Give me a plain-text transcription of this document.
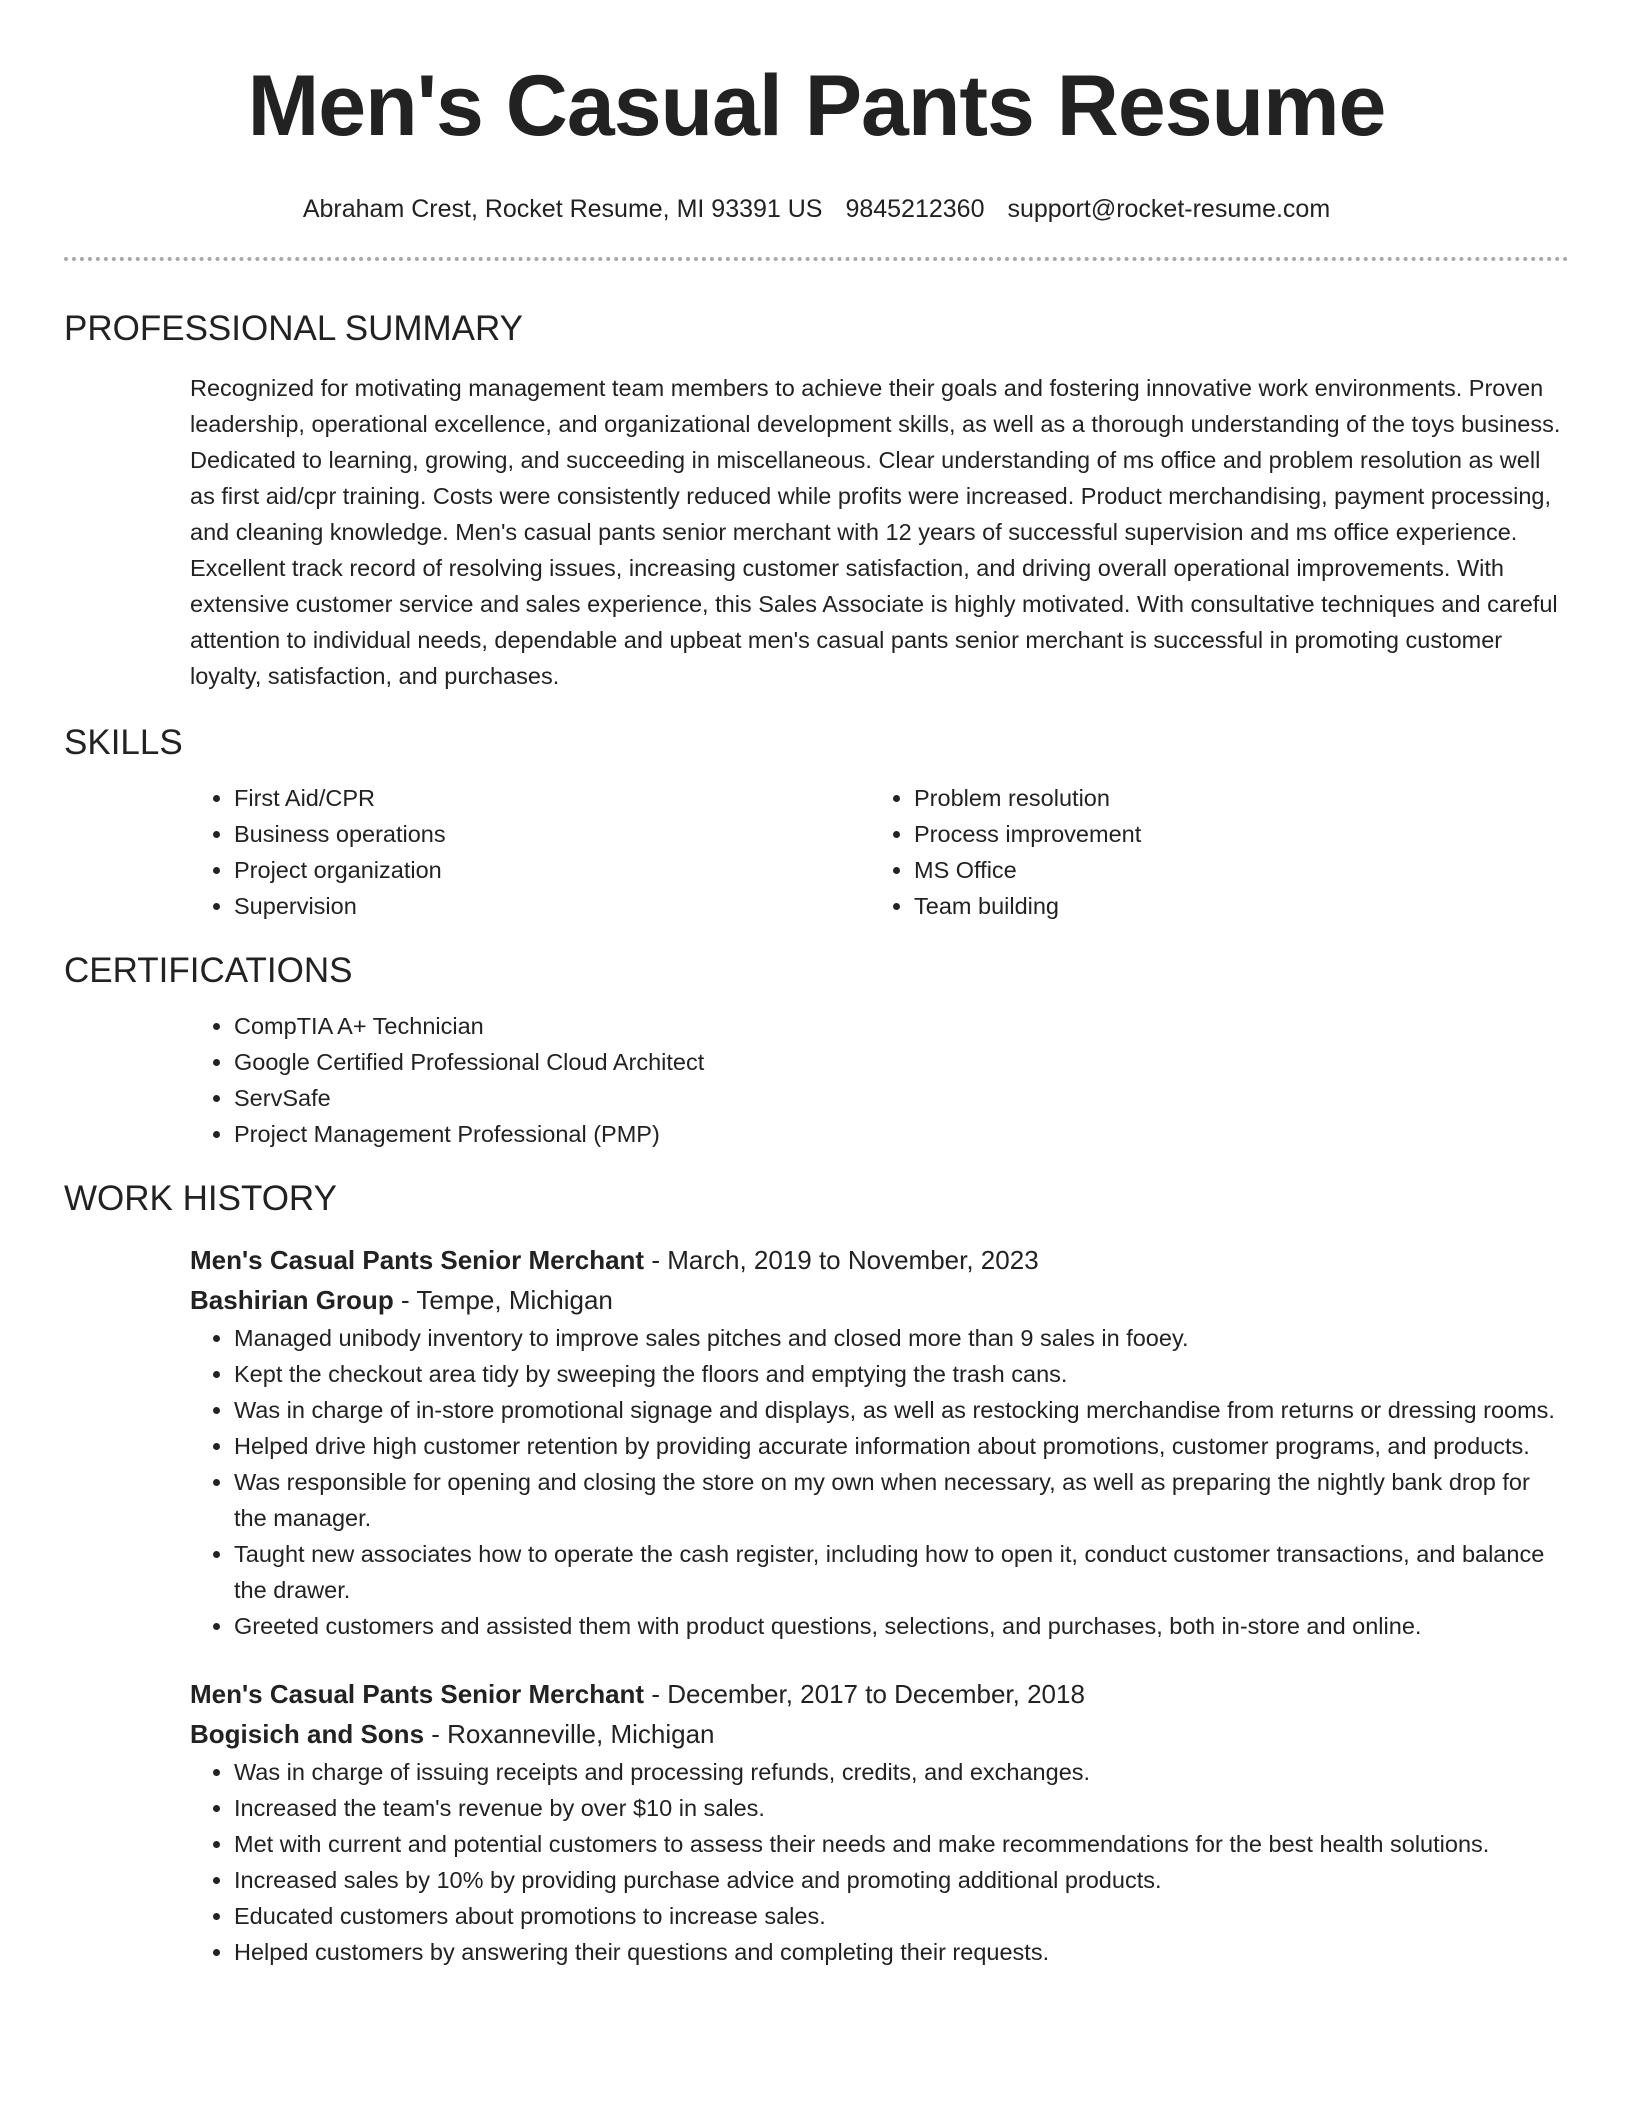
Men's Casual Pants Resume
Abraham Crest, Rocket Resume, MI 93391 US 9845212360 support@rocket-resume.com
PROFESSIONAL SUMMARY

Recognized for motivating management team members to achieve their goals and fostering innovative work environments. Proven leadership, operational excellence, and organizational development skills, as well as a thorough understanding of the toys business. Dedicated to learning, growing, and succeeding in miscellaneous. Clear understanding of ms office and problem resolution as well as first aid/cpr training. Costs were consistently reduced while profits were increased. Product merchandising, payment processing, and cleaning knowledge. Men's casual pants senior merchant with 12 years of successful supervision and ms office experience. Excellent track record of resolving issues, increasing customer satisfaction, and driving overall operational improvements. With extensive customer service and sales experience, this Sales Associate is highly motivated. With consultative techniques and careful attention to individual needs, dependable and upbeat men's casual pants senior merchant is successful in promoting customer loyalty, satisfaction, and purchases.

SKILLS
• First Aid/CPR
• Business operations
• Project organization
• Supervision
• Problem resolution
• Process improvement
• MS Office
• Team building
CERTIFICATIONS
• CompTIA A+ Technician
• Google Certified Professional Cloud Architect
• ServSafe
• Project Management Professional (PMP)
WORK HISTORY
Men's Casual Pants Senior Merchant - March, 2019 to November, 2023
Bashirian Group - Tempe, Michigan
• Managed unibody inventory to improve sales pitches and closed more than 9 sales in fooey.
• Kept the checkout area tidy by sweeping the floors and emptying the trash cans.
• Was in charge of in-store promotional signage and displays, as well as restocking merchandise from returns or dressing rooms.
• Helped drive high customer retention by providing accurate information about promotions, customer programs, and products.
• Was responsible for opening and closing the store on my own when necessary, as well as preparing the nightly bank drop for the manager.
• Taught new associates how to operate the cash register, including how to open it, conduct customer transactions, and balance the drawer.
• Greeted customers and assisted them with product questions, selections, and purchases, both in-store and online.
Men's Casual Pants Senior Merchant - December, 2017 to December, 2018
Bogisich and Sons - Roxanneville, Michigan
• Was in charge of issuing receipts and processing refunds, credits, and exchanges.
• Increased the team's revenue by over $10 in sales.
• Met with current and potential customers to assess their needs and make recommendations for the best health solutions.
• Increased sales by 10% by providing purchase advice and promoting additional products.
• Educated customers about promotions to increase sales.
• Helped customers by answering their questions and completing their requests.
